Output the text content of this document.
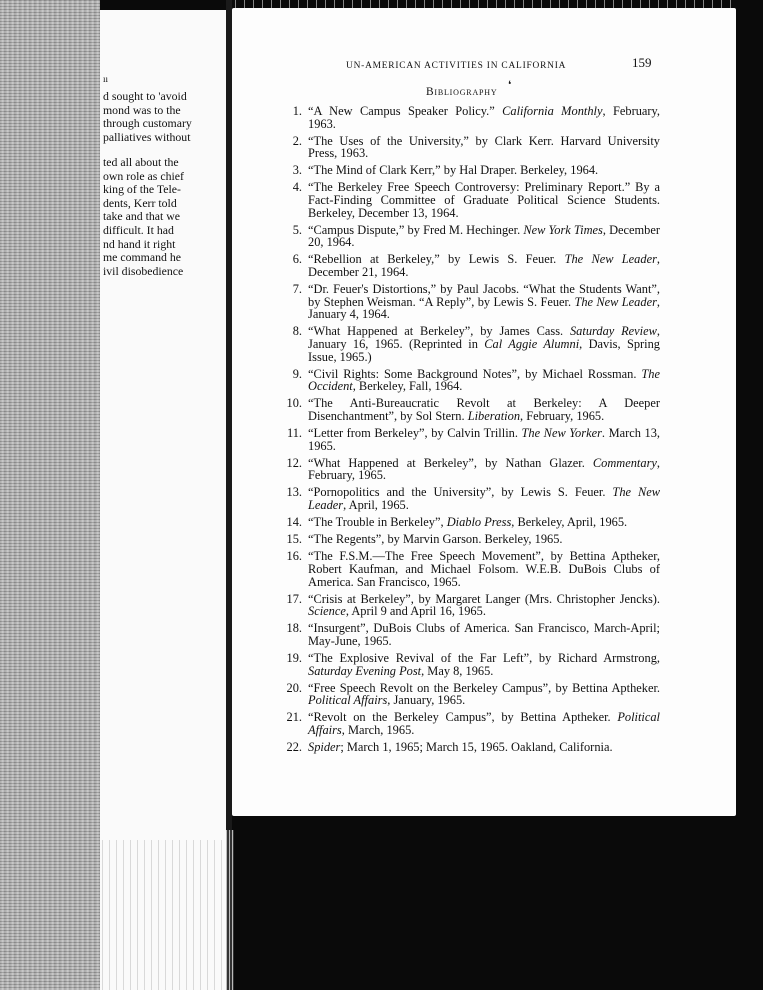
ıı
d sought to 'avoid
mond was to the
through customary
palliatives without
ted all about the
own role as chief
king of the Tele-
dents, Kerr told
take and that we
difficult. It had
nd hand it right
me command he
ivil disobedience
UN-AMERICAN ACTIVITIES IN CALIFORNIA	159
Bibliography
❛
1. “A New Campus Speaker Policy.” California Monthly, February, 1963.
2. “The Uses of the University,” by Clark Kerr. Harvard University Press, 1963.
3. “The Mind of Clark Kerr,” by Hal Draper. Berkeley, 1964.
4. “The Berkeley Free Speech Controversy: Preliminary Report.” By a Fact-Finding Committee of Graduate Political Science Students. Berkeley, December 13, 1964.
5. “Campus Dispute,” by Fred M. Hechinger. New York Times, December 20, 1964.
6. “Rebellion at Berkeley,” by Lewis S. Feuer. The New Leader, December 21, 1964.
7. “Dr. Feuer's Distortions,” by Paul Jacobs. “What the Students Want”, by Stephen Weisman. “A Reply”, by Lewis S. Feuer. The New Leader, January 4, 1964.
8. “What Happened at Berkeley”, by James Cass. Saturday Review, January 16, 1965. (Reprinted in Cal Aggie Alumni, Davis, Spring Issue, 1965.)
9. “Civil Rights: Some Background Notes”, by Michael Rossman. The Occident, Berkeley, Fall, 1964.
10. “The Anti-Bureaucratic Revolt at Berkeley: A Deeper Disenchantment”, by Sol Stern. Liberation, February, 1965.
11. “Letter from Berkeley”, by Calvin Trillin. The New Yorker. March 13, 1965.
12. “What Happened at Berkeley”, by Nathan Glazer. Commentary, February, 1965.
13. “Pornopolitics and the University”, by Lewis S. Feuer. The New Leader, April, 1965.
14. “The Trouble in Berkeley”, Diablo Press, Berkeley, April, 1965.
15. “The Regents”, by Marvin Garson. Berkeley, 1965.
16. “The F.S.M.—The Free Speech Movement”, by Bettina Aptheker, Robert Kaufman, and Michael Folsom. W.E.B. DuBois Clubs of America. San Francisco, 1965.
17. “Crisis at Berkeley”, by Margaret Langer (Mrs. Christopher Jencks). Science, April 9 and April 16, 1965.
18. “Insurgent”, DuBois Clubs of America. San Francisco, March-April; May-June, 1965.
19. “The Explosive Revival of the Far Left”, by Richard Armstrong, Saturday Evening Post, May 8, 1965.
20. “Free Speech Revolt on the Berkeley Campus”, by Bettina Aptheker. Political Affairs, January, 1965.
21. “Revolt on the Berkeley Campus”, by Bettina Aptheker. Political Affairs, March, 1965.
22. Spider; March 1, 1965; March 15, 1965. Oakland, California.
